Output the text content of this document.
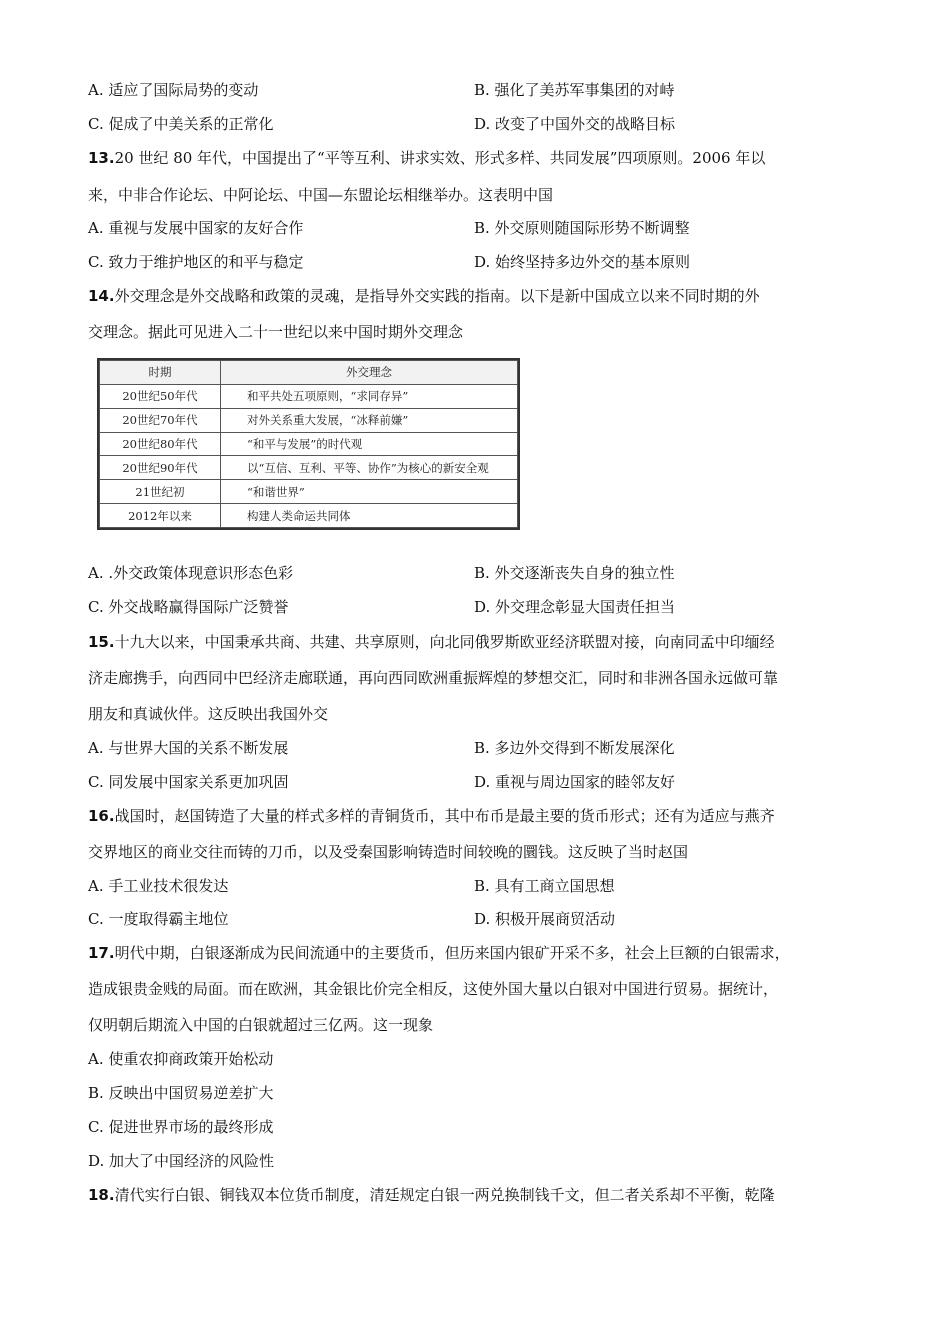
A. 适应了国际局势的变动	B. 强化了美苏军事集团的对峙
C. 促成了中美关系的正常化	D. 改变了中国外交的战略目标
13.20 世纪 80 年代，中国提出了“平等互利、讲求实效、形式多样、共同发展”四项原则。2006 年以
来，中非合作论坛、中阿论坛、中国—东盟论坛相继举办。这表明中国
A. 重视与发展中国家的友好合作	B. 外交原则随国际形势不断调整
C. 致力于维护地区的和平与稳定	D. 始终坚持多边外交的基本原则
14.外交理念是外交战略和政策的灵魂，是指导外交实践的指南。以下是新中国成立以来不同时期的外
交理念。据此可见进入二十一世纪以来中国时期外交理念
时期	外交理念
20世纪50年代	和平共处五项原则，“求同存异”
20世纪70年代	对外关系重大发展，“冰释前嫌”
20世纪80年代	“和平与发展”的时代观
20世纪90年代	以“互信、互利、平等、协作”为核心的新安全观
21世纪初	“和谐世界”
2012年以来	构建人类命运共同体
A. .外交政策体现意识形态色彩	B. 外交逐渐丧失自身的独立性
C. 外交战略赢得国际广泛赞誉	D. 外交理念彰显大国责任担当
15.十九大以来，中国秉承共商、共建、共享原则，向北同俄罗斯欧亚经济联盟对接，向南同孟中印缅经
济走廊携手，向西同中巴经济走廊联通，再向西同欧洲重振辉煌的梦想交汇，同时和非洲各国永远做可靠
朋友和真诚伙伴。这反映出我国外交
A. 与世界大国的关系不断发展	B. 多边外交得到不断发展深化
C. 同发展中国家关系更加巩固	D. 重视与周边国家的睦邻友好
16.战国时，赵国铸造了大量的样式多样的青铜货币，其中布币是最主要的货币形式；还有为适应与燕齐
交界地区的商业交往而铸的刀币，以及受秦国影响铸造时间较晚的圜钱。这反映了当时赵国
A. 手工业技术很发达	B. 具有工商立国思想
C. 一度取得霸主地位	D. 积极开展商贸活动
17.明代中期，白银逐渐成为民间流通中的主要货币，但历来国内银矿开采不多，社会上巨额的白银需求，
造成银贵金贱的局面。而在欧洲，其金银比价完全相反，这使外国大量以白银对中国进行贸易。据统计，
仅明朝后期流入中国的白银就超过三亿两。这一现象
A. 使重农抑商政策开始松动
B. 反映出中国贸易逆差扩大
C. 促进世界市场的最终形成
D. 加大了中国经济的风险性
18.清代实行白银、铜钱双本位货币制度，清廷规定白银一两兑换制钱千文，但二者关系却不平衡，乾隆
